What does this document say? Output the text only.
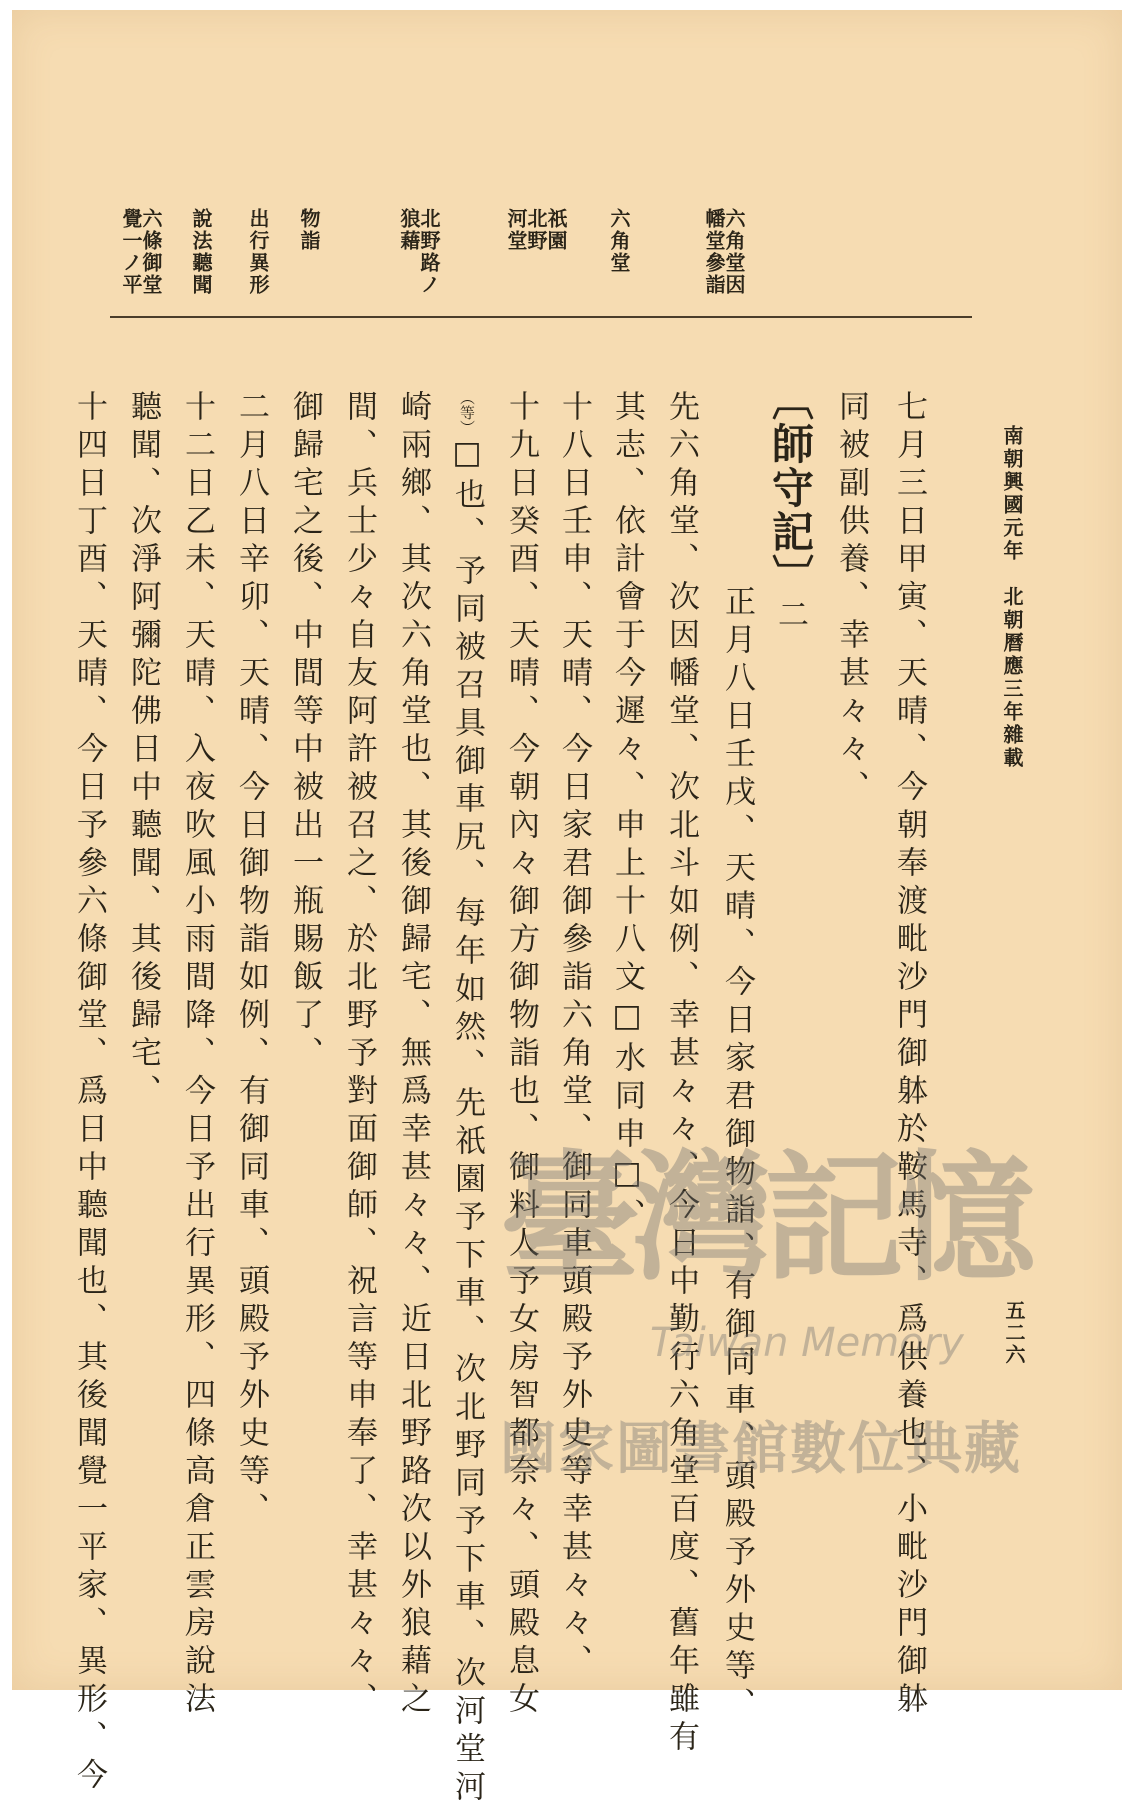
南朝興國元年　北朝曆應三年雜載
五二六
六角堂因
幡堂參詣
六角堂
祇園
北野
河堂
北野路ノ
狼藉
物詣
出行異形
說法聽聞
六條御堂
覺一ノ平
七月三日甲寅、天晴、今朝奉渡毗沙門御躰於鞍馬寺、爲供養也、小毗沙門御躰
同被副供養、幸甚々々、
〔師守記〕二
正月八日壬戌、天晴、今日家君御物詣、有御同車、頭殿予外史等、
先六角堂、次因幡堂、次北斗如例、幸甚々々、今日中勤行六角堂百度、舊年雖有
其志、依計會于今遲々、申上十八文□水同申□、
十八日壬申、天晴、今日家君御參詣六角堂、御同車頭殿予外史等幸甚々々、
十九日癸酉、天晴、今朝內々御方御物詣也、御料人予女房智都奈々、頭殿息女
（等）□也、予同被召具御車尻、每年如然、先祇園予下車、次北野同予下車、次河堂河
崎兩鄉、其次六角堂也、其後御歸宅、無爲幸甚々々、近日北野路次以外狼藉之
間、兵士少々自友阿許被召之、於北野予對面御師、祝言等申奉了、幸甚々々、
御歸宅之後、中間等中被出一瓶賜飯了、
二月八日辛卯、天晴、今日御物詣如例、有御同車、頭殿予外史等、
十二日乙未、天晴、入夜吹風小雨間降、今日予出行異形、四條高倉正雲房說法
聽聞、次淨阿彌陀佛日中聽聞、其後歸宅、
十四日丁酉、天晴、今日予參六條御堂、爲日中聽聞也、其後聞覺一平家、異形、今	臺灣記憶
Taiwan Memory
國家圖書館數位典藏
